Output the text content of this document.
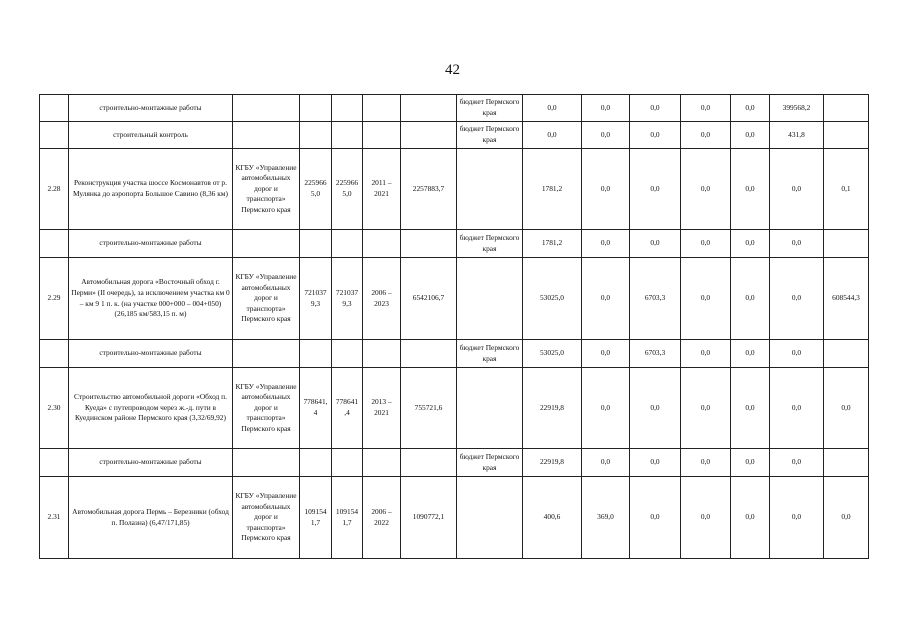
42
	строительно-монтажные работы						бюджет Пермского края	0,0	0,0	0,0	0,0	0,0	399568,2	
	строительный контроль						бюджет Пермского края	0,0	0,0	0,0	0,0	0,0	431,8	
2.28	Реконструкция участка шоссе Космонавтов от р. Мулянка до аэропорта Большое Савино (8,36 км)	КГБУ «Управление автомобильных дорог и транспорта» Пермского края	225966 5,0	225966 5,0	2011 – 2021	2257883,7		1781,2	0,0	0,0	0,0	0,0	0,0	0,1
	строительно-монтажные работы						бюджет Пермского края	1781,2	0,0	0,0	0,0	0,0	0,0	
2.29	Автомобильная дорога «Восточный обход г. Перми» (II очередь), за исключением участка км 0 – км 9 1 п. к. (на участке 000+000 – 004+050) (26,185 км/583,15 п. м)	КГБУ «Управление автомобильных дорог и транспорта» Пермского края	721037 9,3	721037 9,3	2006 – 2023	6542106,7		53025,0	0,0	6703,3	0,0	0,0	0,0	608544,3
	строительно-монтажные работы						бюджет Пермского края	53025,0	0,0	6703,3	0,0	0,0	0,0	
2.30	Строительство автомобильной дороги «Обход п. Куеда» с путепроводом через ж.-д. пути в Куединском районе Пермского края (3,32/69,92)	КГБУ «Управление автомобильных дорог и транспорта» Пермского края	778641, 4	778641 ,4	2013 – 2021	755721,6		22919,8	0,0	0,0	0,0	0,0	0,0	0,0
	строительно-монтажные работы						бюджет Пермского края	22919,8	0,0	0,0	0,0	0,0	0,0	
2.31	Автомобильная дорога Пермь – Березники (обход п. Полазна) (6,47/171,85)	КГБУ «Управление автомобильных дорог и транспорта» Пермского края	109154 1,7	109154 1,7	2006 – 2022	1090772,1		400,6	369,0	0,0	0,0	0,0	0,0	0,0
